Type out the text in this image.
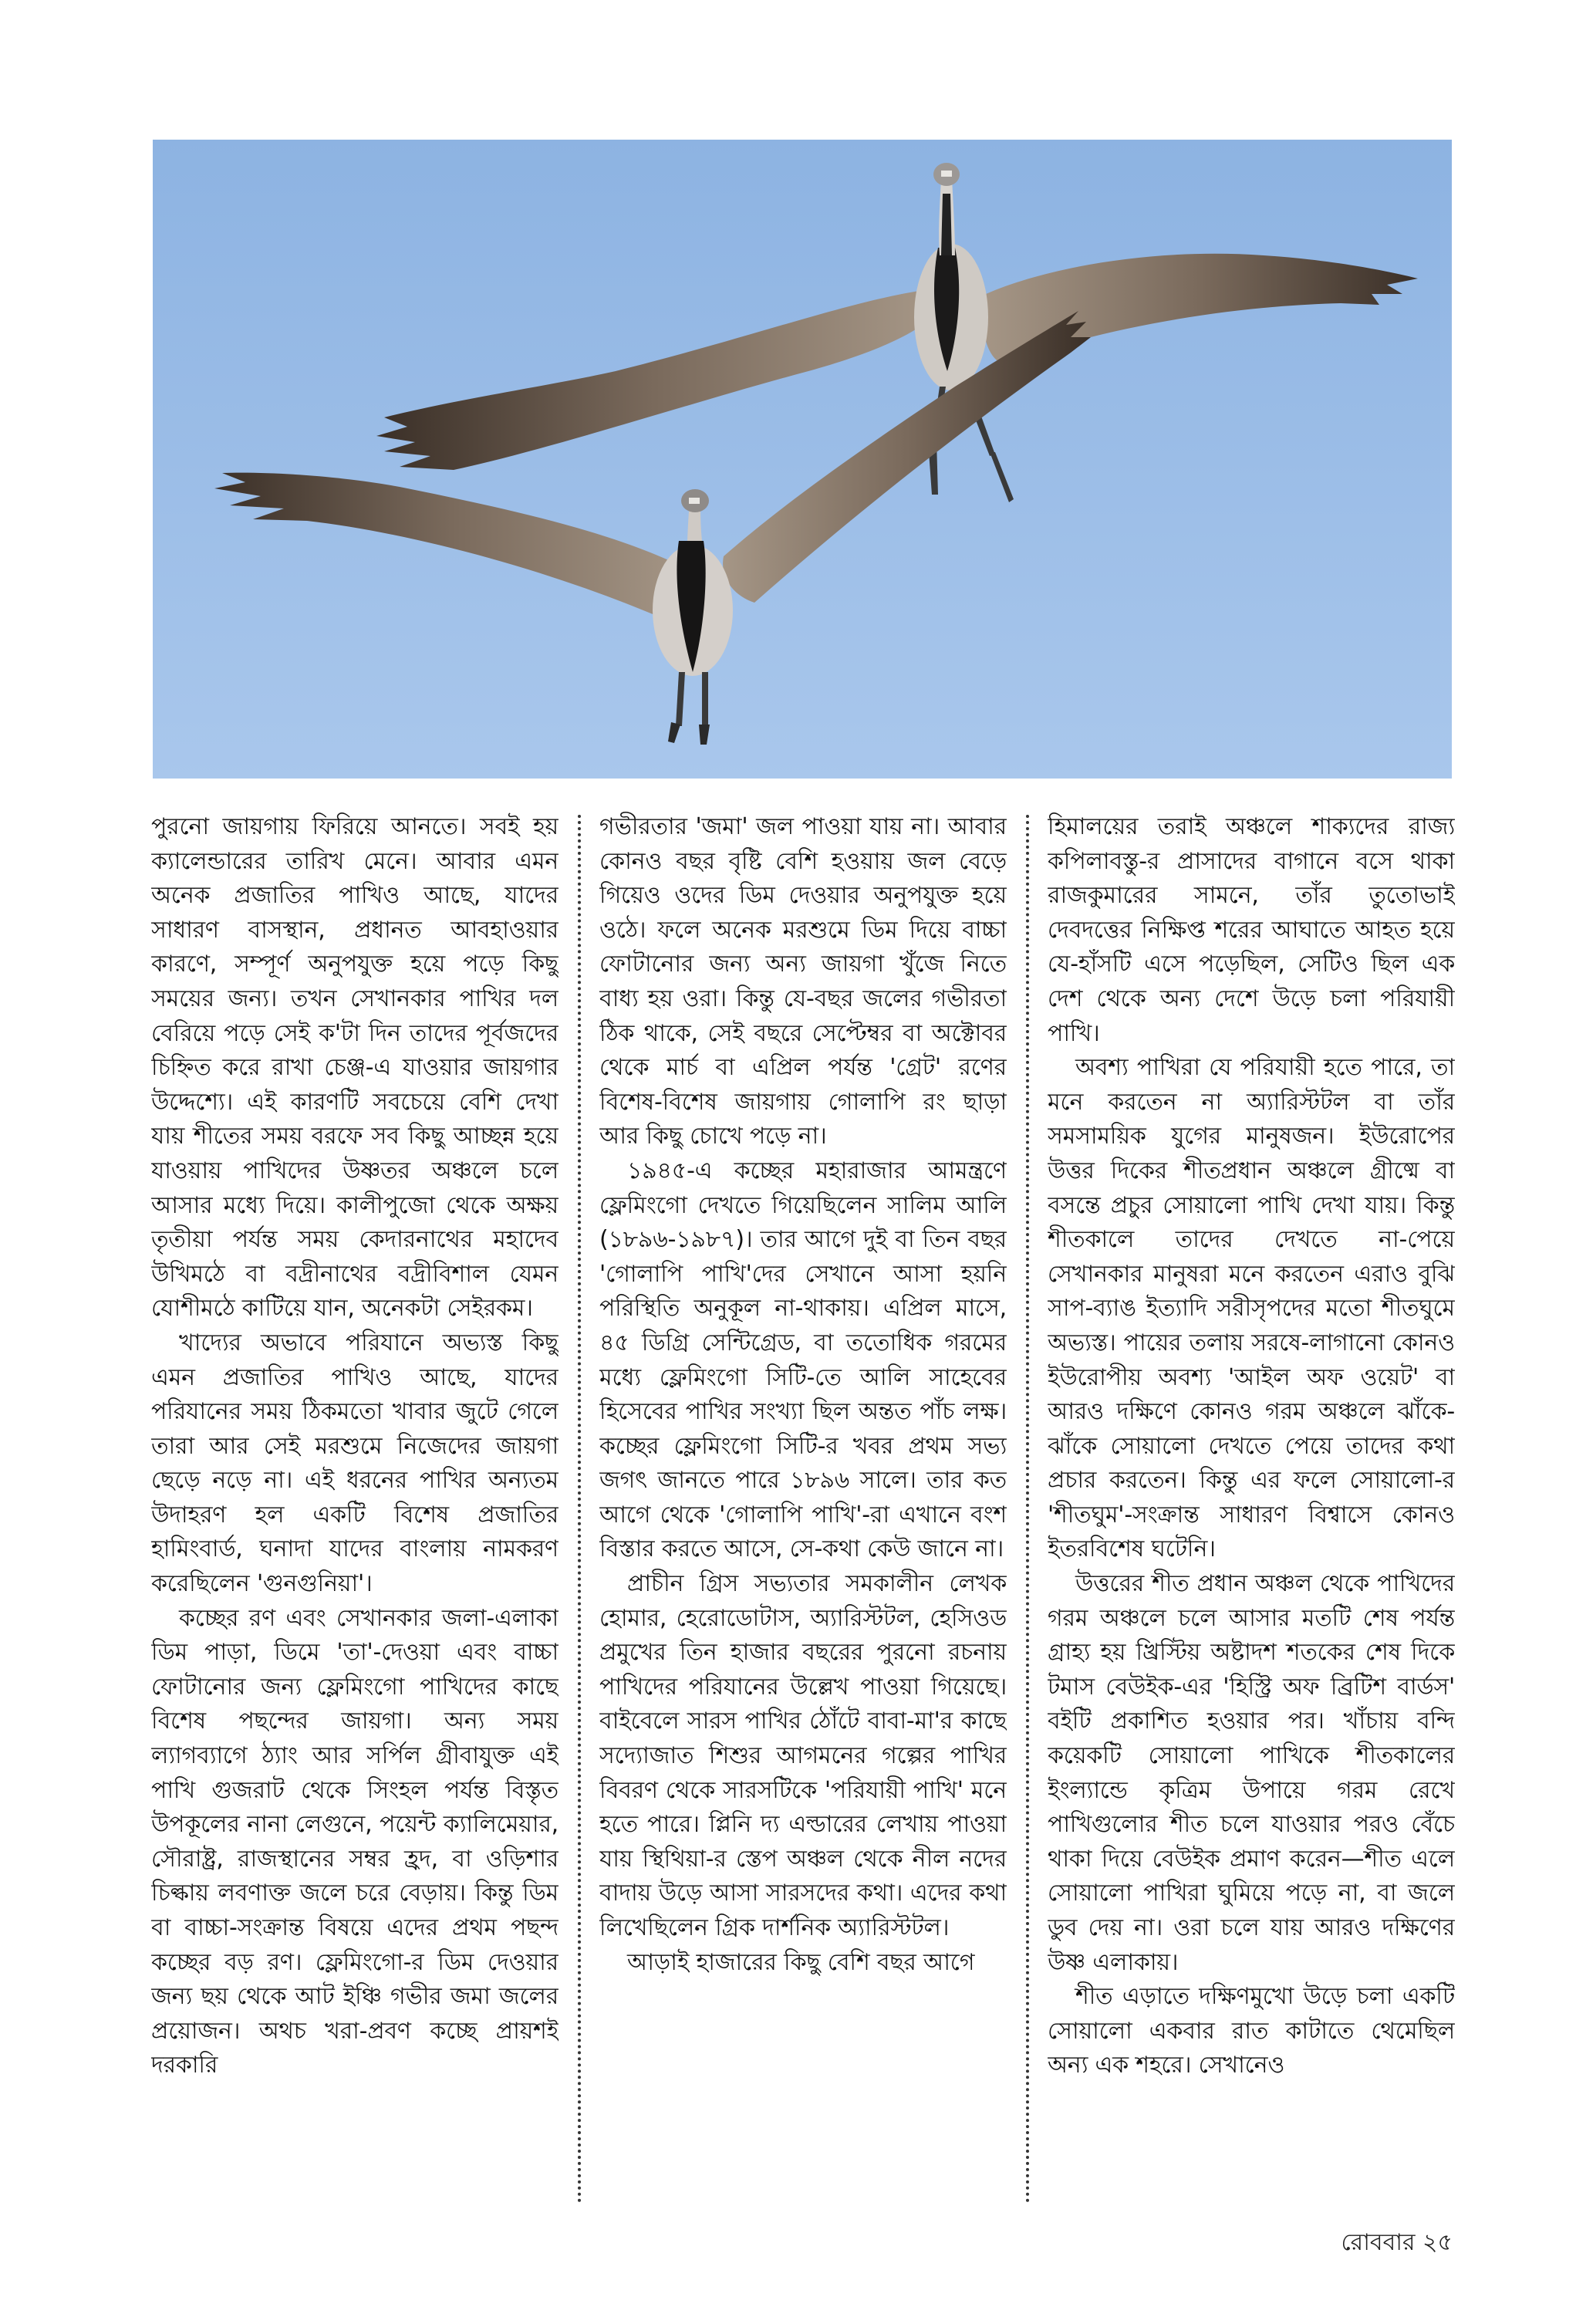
পুরনো জায়গায় ফিরিয়ে আনতে। সবই হয় ক্যালেন্ডারের তারিখ মেনে। আবার এমন অনেক প্রজাতির পাখিও আছে, যাদের সাধারণ বাসস্থান, প্রধানত আবহাওয়ার কারণে, সম্পূর্ণ অনুপযুক্ত হয়ে পড়ে কিছু সময়ের জন্য। তখন সেখানকার পাখির দল বেরিয়ে পড়ে সেই ক'টা দিন তাদের পূর্বজদের চিহ্নিত করে রাখা চেঞ্জ-এ যাওয়ার জায়গার উদ্দেশ্যে। এই কারণটি সবচেয়ে বেশি দেখা যায় শীতের সময় বরফে সব কিছু আচ্ছন্ন হয়ে যাওয়ায় পাখিদের উষ্ণতর অঞ্চলে চলে আসার মধ্যে দিয়ে। কালীপুজো থেকে অক্ষয় তৃতীয়া পর্যন্ত সময় কেদারনাথের মহাদেব উখিমঠে বা বদ্রীনাথের বদ্রীবিশাল যেমন যোশীমঠে কাটিয়ে যান, অনেকটা সেইরকম।

খাদ্যের অভাবে পরিযানে অভ্যস্ত কিছু এমন প্রজাতির পাখিও আছে, যাদের পরিযানের সময় ঠিকমতো খাবার জুটে গেলে তারা আর সেই মরশুমে নিজেদের জায়গা ছেড়ে নড়ে না। এই ধরনের পাখির অন্যতম উদাহরণ হল একটি বিশেষ প্রজাতির হামিংবার্ড, ঘনাদা যাদের বাংলায় নামকরণ করেছিলেন 'গুনগুনিয়া'।

কচ্ছের রণ এবং সেখানকার জলা-এলাকা ডিম পাড়া, ডিমে 'তা'-দেওয়া এবং বাচ্চা ফোটানোর জন্য ফ্লেমিংগো পাখিদের কাছে বিশেষ পছন্দের জায়গা। অন্য সময় ল্যাগব্যাগে ঠ্যাং আর সর্পিল গ্রীবাযুক্ত এই পাখি গুজরাট থেকে সিংহল পর্যন্ত বিস্তৃত উপকূলের নানা লেগুনে, পয়েন্ট ক্যালিমেয়ার, সৌরাষ্ট্র, রাজস্থানের সম্বর হ্রদ, বা ওড়িশার চিল্কায় লবণাক্ত জলে চরে বেড়ায়। কিন্তু ডিম বা বাচ্চা-সংক্রান্ত বিষয়ে এদের প্রথম পছন্দ কচ্ছের বড় রণ। ফ্লেমিংগো-র ডিম দেওয়ার জন্য ছয় থেকে আট ইঞ্চি গভীর জমা জলের প্রয়োজন। অথচ খরা-প্রবণ কচ্ছে প্রায়শই দরকারি

গভীরতার 'জমা' জল পাওয়া যায় না। আবার কোনও বছর বৃষ্টি বেশি হওয়ায় জল বেড়ে গিয়েও ওদের ডিম দেওয়ার অনুপযুক্ত হয়ে ওঠে। ফলে অনেক মরশুমে ডিম দিয়ে বাচ্চা ফোটানোর জন্য অন্য জায়গা খুঁজে নিতে বাধ্য হয় ওরা। কিন্তু যে-বছর জলের গভীরতা ঠিক থাকে, সেই বছরে সেপ্টেম্বর বা অক্টোবর থেকে মার্চ বা এপ্রিল পর্যন্ত 'গ্রেট' রণের বিশেষ-বিশেষ জায়গায় গোলাপি রং ছাড়া আর কিছু চোখে পড়ে না।

১৯৪৫-এ কচ্ছের মহারাজার আমন্ত্রণে ফ্লেমিংগো দেখতে গিয়েছিলেন সালিম আলি (১৮৯৬-১৯৮৭)। তার আগে দুই বা তিন বছর 'গোলাপি পাখি'দের সেখানে আসা হয়নি পরিস্থিতি অনুকূল না-থাকায়। এপ্রিল মাসে, ৪৫ ডিগ্রি সেন্টিগ্রেড, বা ততোধিক গরমের মধ্যে ফ্লেমিংগো সিটি-তে আলি সাহেবের হিসেবের পাখির সংখ্যা ছিল অন্তত পাঁচ লক্ষ। কচ্ছের ফ্লেমিংগো সিটি-র খবর প্রথম সভ্য জগৎ জানতে পারে ১৮৯৬ সালে। তার কত আগে থেকে 'গোলাপি পাখি'-রা এখানে বংশ বিস্তার করতে আসে, সে-কথা কেউ জানে না।

প্রাচীন গ্রিস সভ্যতার সমকালীন লেখক হোমার, হেরোডোটাস, অ্যারিস্টটল, হেসিওড প্রমুখের তিন হাজার বছরের পুরনো রচনায় পাখিদের পরিযানের উল্লেখ পাওয়া গিয়েছে। বাইবেলে সারস পাখির ঠোঁটে বাবা-মা'র কাছে সদ্যোজাত শিশুর আগমনের গল্পের পাখির বিবরণ থেকে সারসটিকে 'পরিযায়ী পাখি' মনে হতে পারে। প্লিনি দ্য এল্ডারের লেখায় পাওয়া যায় স্থিথিয়া-র স্তেপ অঞ্চল থেকে নীল নদের বাদায় উড়ে আসা সারসদের কথা। এদের কথা লিখেছিলেন গ্রিক দার্শনিক অ্যারিস্টটল।

আড়াই হাজারের কিছু বেশি বছর আগে

হিমালয়ের তরাই অঞ্চলে শাক্যদের রাজ্য কপিলাবস্তু-র প্রাসাদের বাগানে বসে থাকা রাজকুমারের সামনে, তাঁর তুতোভাই দেবদত্তের নিক্ষিপ্ত শরের আঘাতে আহত হয়ে যে-হাঁসটি এসে পড়েছিল, সেটিও ছিল এক দেশ থেকে অন্য দেশে উড়ে চলা পরিযায়ী পাখি।

অবশ্য পাখিরা যে পরিযায়ী হতে পারে, তা মনে করতেন না অ্যারিস্টটল বা তাঁর সমসাময়িক যুগের মানুষজন। ইউরোপের উত্তর দিকের শীতপ্রধান অঞ্চলে গ্রীষ্মে বা বসন্তে প্রচুর সোয়ালো পাখি দেখা যায়। কিন্তু শীতকালে তাদের দেখতে না-পেয়ে সেখানকার মানুষরা মনে করতেন এরাও বুঝি সাপ-ব্যাঙ ইত্যাদি সরীসৃপদের মতো শীতঘুমে অভ্যস্ত। পায়ের তলায় সরষে-লাগানো কোনও ইউরোপীয় অবশ্য 'আইল অফ ওয়েট' বা আরও দক্ষিণে কোনও গরম অঞ্চলে ঝাঁকে-ঝাঁকে সোয়ালো দেখতে পেয়ে তাদের কথা প্রচার করতেন। কিন্তু এর ফলে সোয়ালো-র 'শীতঘুম'-সংক্রান্ত সাধারণ বিশ্বাসে কোনও ইতরবিশেষ ঘটেনি।

উত্তরের শীত প্রধান অঞ্চল থেকে পাখিদের গরম অঞ্চলে চলে আসার মতটি শেষ পর্যন্ত গ্রাহ্য হয় খ্রিস্টিয় অষ্টাদশ শতকের শেষ দিকে টমাস বেউইক-এর 'হিস্ট্রি অফ ব্রিটিশ বার্ডস' বইটি প্রকাশিত হওয়ার পর। খাঁচায় বন্দি কয়েকটি সোয়ালো পাখিকে শীতকালের ইংল্যান্ডে কৃত্রিম উপায়ে গরম রেখে পাখিগুলোর শীত চলে যাওয়ার পরও বেঁচে থাকা দিয়ে বেউইক প্রমাণ করেন—শীত এলে সোয়ালো পাখিরা ঘুমিয়ে পড়ে না, বা জলে ডুব দেয় না। ওরা চলে যায় আরও দক্ষিণের উষ্ণ এলাকায়।

শীত এড়াতে দক্ষিণমুখো উড়ে চলা একটি সোয়ালো একবার রাত কাটাতে থেমেছিল অন্য এক শহরে। সেখানেও

রোববার ২৫
